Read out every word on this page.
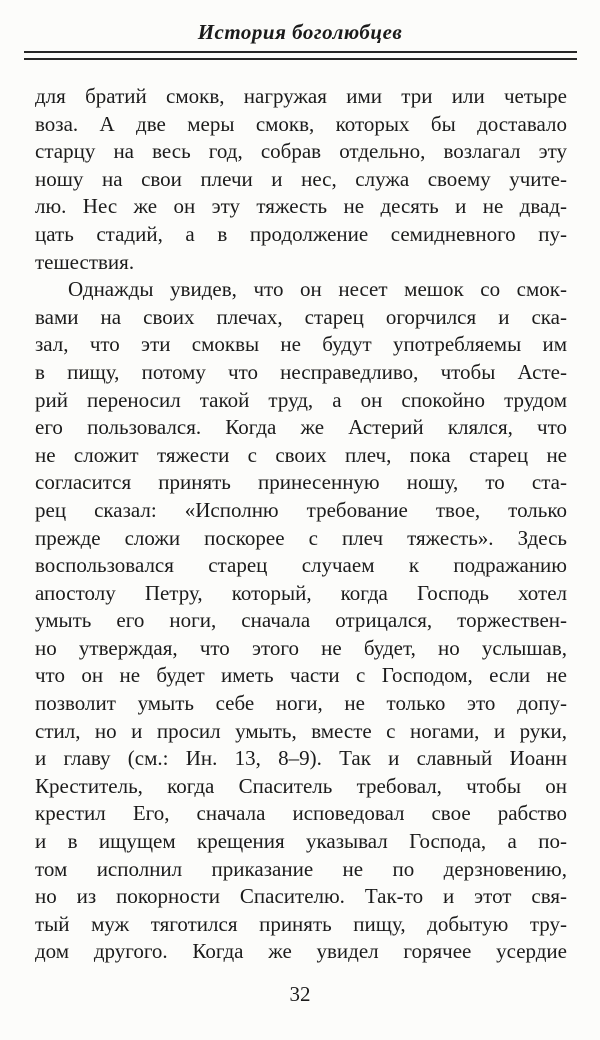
История боголюбцев
для братий смокв, нагружая ими три или четыре
воза. А две меры смокв, которых бы доставало
старцу на весь год, собрав отдельно, возлагал эту
ношу на свои плечи и нес, служа своему учите-
лю. Нес же он эту тяжесть не десять и не двад-
цать стадий, а в продолжение семидневного пу-
тешествия.
Однажды увидев, что он несет мешок со смок-
вами на своих плечах, старец огорчился и ска-
зал, что эти смоквы не будут употребляемы им
в пищу, потому что несправедливо, чтобы Асте-
рий переносил такой труд, а он спокойно трудом
его пользовался. Когда же Астерий клялся, что
не сложит тяжести с своих плеч, пока старец не
согласится принять принесенную ношу, то ста-
рец сказал: «Исполню требование твое, только
прежде сложи поскорее с плеч тяжесть». Здесь
воспользовался старец случаем к подражанию
апостолу Петру, который, когда Господь хотел
умыть его ноги, сначала отрицался, торжествен-
но утверждая, что этого не будет, но услышав,
что он не будет иметь части с Господом, если не
позволит умыть себе ноги, не только это допу-
стил, но и просил умыть, вместе с ногами, и руки,
и главу (см.: Ин. 13, 8–9). Так и славный Иоанн
Креститель, когда Спаситель требовал, чтобы он
крестил Его, сначала исповедовал свое рабство
и в ищущем крещения указывал Господа, а по-
том исполнил приказание не по дерзновению,
но из покорности Спасителю. Так-то и этот свя-
тый муж тяготился принять пищу, добытую тру-
дом другого. Когда же увидел горячее усердие
32
